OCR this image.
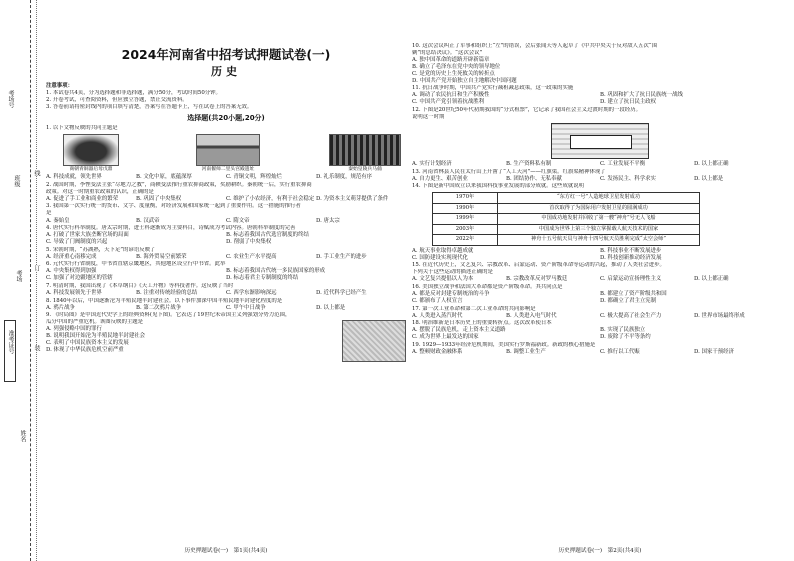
考场号
班级
考场
准考证号
姓名
线
订
装
2024年河南省中招考试押题试卷(一)
历史
注意事项：
1. 本试卷共4页，分为选择题和非选择题，满分50分，考试时间50分钟。
2. 开卷考试，可查阅资料，但应独立答题，禁止交流资料。
3. 答卷前请将密封线内的项目填写清楚，答案写在答题卡上，写在试卷上的答案无效。
选择题(共20小题,20分)
1. 以下文物反映的共同主题是
商朝青铜器后母戊鼎	河南偃师二里头宫殿遗址	秦始皇陵兵马俑
A. 科技成就，领先世界	B. 文化中原，底蕴深厚	C. 青铜文明，辉煌灿烂	D. 礼乐制度，规范有序
2. 战国时期，李悝变法主张“尽地力之教”，商鞅变法推行重农抑商政策，奖励耕织。秦朝统一后，实行重农抑商
政策。对这一时期重农政策的认识，正确的是
A. 促进了手工业和商业的繁荣	B. 巩固了中央集权	C. 维护了小农经济，有利于社会稳定 D. 为资本主义萌芽提供了条件
3. 我国第一次实行统一的货币、文字、度量衡，对经济发展和国家统一起到了重要作用。这一措施的推行者
是
A. 秦始皇	B. 汉武帝	C. 隋文帝	D. 唐太宗
4. 唐代实行科举制度。唐太宗时期，进士科逐渐成为主要科目，诗赋成为考试内容。唐朝科举制度的完善
A. 打破了世家大族垄断官场的局面	B. 标志着我国古代选官制度的终结
C. 导致了门阀制度的兴起	D. 削弱了中央集权
5. 宋朝时期，“苏湖熟，天下足”的谚语反映了
A. 经济重心南移完成	B. 海外贸易空前繁荣	C. 农业生产水平提高	D. 手工业生产的进步
6. 元代实行行省制度，中书省直辖京畿地区，其他地区设立行中书省。此举
A. 中央集权得到加强	B. 标志着我国古代统一多民族国家的形成
C. 加强了对边疆地区的管辖	D. 标志着君主专制制度的终结
7. 明清时期，我国出现了《本草纲目》《天工开物》等科技著作。这反映了当时
A. 科技发展领先于世界	B. 注重对传统经验的总结	C. 西学东渐影响深远	D. 近代科学已经产生
8. 1840年以后，中国逐渐沦为半殖民地半封建社会。以下事件加深中国半殖民地半封建化程度的是
A. 鸦片战争	B. 第二次鸦片战争	C. 甲午中日战争	D. 以上都是
9. 《时局图》是中国近代史学上的经典资料(见下图)。它表达了19世纪末帝国主义列强划分势力范围，
瓜分中国的严重危机。该图反映的主题是
A. 列强侵略中国的罪行
B. 说明我国开始沦为半殖民地半封建社会
C. 表明了中国民族资本主义的发展
D. 体现了中华民族危机空前严重
历史押题试卷(一)　第1页(共4页)
10. 这次会议纠正了军事和组织上“左”的错误，会后张闻天等人起草了《中共中央关于反对敌人五次“围
剿”的总结决议》。“这次会议”
A. 独中国革命的道路开辟新篇章
B. 确立了毛泽东在党中央的领导地位
C. 是党的历史上生死攸关的转折点
D. 中国共产党开始独立自主地解决中国问题
11. 抗日战争时期，中国共产党实行减租减息政策，这一政策的实施
A. 调动了农民抗日和生产积极性	B. 巩固和扩大了抗日民族统一战线
C. 中国共产党引领着抗战胜利	D. 建立了抗日民主政权
12. 下图是20世纪50年代初期我国的“分式租票”，它记录了我国社会主义过渡时期的一段经历。
说明这一时期
A. 实行计划经济	B. 生产资料私有制	C. 工业发展不平衡	D. 以上都正确
13. 河南省林县人民在太行山上开凿了“人工天河”——红旗渠。红旗渠精神体现了
A. 自力更生、艰苦创业	B. 团结协作、无私奉献	C. 发扬民主、科学求实	D. 以上都是
14. 下图是新中国成立以来我国科技事业发展的部分成就。这些成就说明
1970年	“东方红一号”人造地球卫星发射成功
1990年	首次取得了为国际用户发射卫星的圆满成功
1999年	中国成功地发射并回收了第一艘“神舟”号无人飞船
2003年	中国成为世界上第三个独立掌握载人航天技术的国家
2022年	神舟十五号航天员与神舟十四号航天员胜利完成“太空会师”
A. 航天事业取得卓越成就	B. 科技事业不断发展进步
C. 国防建设实现现代化	D. 科技创新推动经济发展
15. 在近代历史上，文艺复兴、宗教改革、启蒙运动、资产阶级革命等运动的兴起，推动了人类社会进步。
下列关于这些运动的描述正确的是
A. 文艺复兴提倡以人为本	B. 宗教改革反对罗马教廷	C. 启蒙运动宣扬理性主义	D. 以上都正确
16. 美国独立战争和法国大革命都是资产阶级革命。其共同点是
A. 都是反对封建专制统治的斗争	B. 都建立了资产阶级共和国
C. 都颁布了人权宣言	D. 都确立了君主立宪制
17. 第一次工业革命和第二次工业革命的共同影响是
A. 人类进入蒸汽时代	B. 人类进入电气时代	C. 极大提高了社会生产力	D. 世界市场最终形成
18. 明治维新是日本历史上的重要转折点。这次改革使日本
A. 摆脱了民族危机，走上资本主义道路	B. 实现了民族独立
C. 成为世界上最发达的国家	D. 废除了不平等条约
19. 1929—1933年经济危机期间，美国实行罗斯福新政。新政的核心措施是
A. 整顿财政金融体系	B. 调整工业生产	C. 推行以工代赈	D. 国家干预经济
历史押题试卷(一)　第2页(共4页)
